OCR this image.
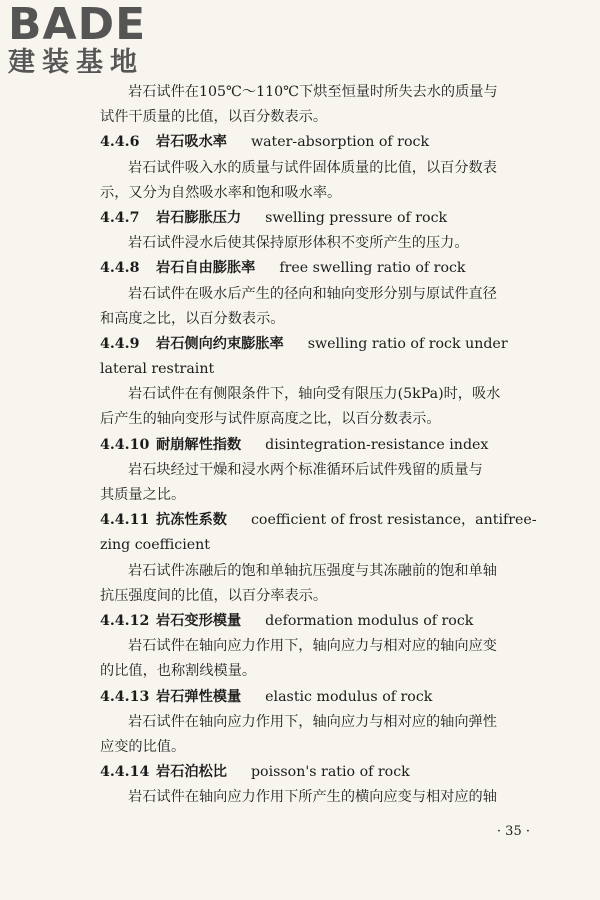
BADE
建装基地
岩石试件在105℃～110℃下烘至恒量时所失去水的质量与
试件干质量的比值，以百分数表示。
4.4.6 岩石吸水率 water-absorption of rock
岩石试件吸入水的质量与试件固体质量的比值，以百分数表
示，又分为自然吸水率和饱和吸水率。
4.4.7 岩石膨胀压力 swelling pressure of rock
岩石试件浸水后使其保持原形体积不变所产生的压力。
4.4.8 岩石自由膨胀率 free swelling ratio of rock
岩石试件在吸水后产生的径向和轴向变形分别与原试件直径
和高度之比，以百分数表示。
4.4.9 岩石侧向约束膨胀率 swelling ratio of rock under
lateral restraint
岩石试件在有侧限条件下，轴向受有限压力(5kPa)时，吸水
后产生的轴向变形与试件原高度之比，以百分数表示。
4.4.10 耐崩解性指数 disintegration-resistance index
岩石块经过干燥和浸水两个标准循环后试件残留的质量与
其质量之比。
4.4.11 抗冻性系数 coefficient of frost resistance，antifree-
zing coefficient
岩石试件冻融后的饱和单轴抗压强度与其冻融前的饱和单轴
抗压强度间的比值，以百分率表示。
4.4.12 岩石变形模量 deformation modulus of rock
岩石试件在轴向应力作用下，轴向应力与相对应的轴向应变
的比值，也称割线模量。
4.4.13 岩石弹性模量 elastic modulus of rock
岩石试件在轴向应力作用下，轴向应力与相对应的轴向弹性
应变的比值。
4.4.14 岩石泊松比 poisson's ratio of rock
岩石试件在轴向应力作用下所产生的横向应变与相对应的轴
· 35 ·
